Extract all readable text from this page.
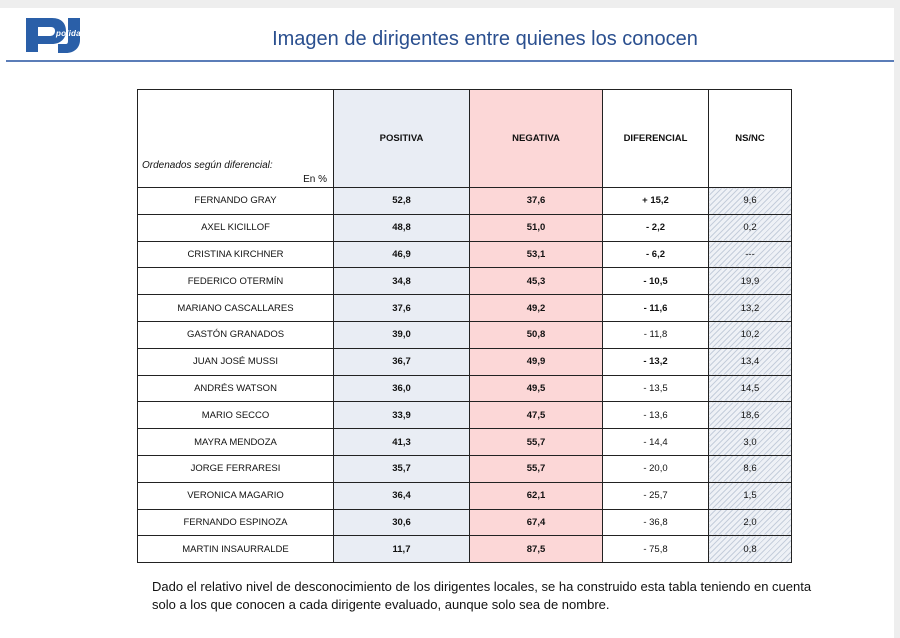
polidata	Imagen de dirigentes entre quienes los conocen
Ordenados según diferencial:
En %	POSITIVA	NEGATIVA	DIFERENCIAL	NS/NC
FERNANDO GRAY	52,8	37,6	+ 15,2	9,6
AXEL KICILLOF	48,8	51,0	- 2,2	0,2
CRISTINA KIRCHNER	46,9	53,1	- 6,2	---
FEDERICO OTERMÍN	34,8	45,3	- 10,5	19,9
MARIANO CASCALLARES	37,6	49,2	- 11,6	13,2
GASTÓN GRANADOS	39,0	50,8	- 11,8	10,2
JUAN JOSÉ MUSSI	36,7	49,9	- 13,2	13,4
ANDRÉS WATSON	36,0	49,5	- 13,5	14,5
MARIO SECCO	33,9	47,5	- 13,6	18,6
MAYRA MENDOZA	41,3	55,7	- 14,4	3,0
JORGE FERRARESI	35,7	55,7	- 20,0	8,6
VERONICA MAGARIO	36,4	62,1	- 25,7	1,5
FERNANDO ESPINOZA	30,6	67,4	- 36,8	2,0
MARTIN INSAURRALDE	11,7	87,5	- 75,8	0,8
Dado el relativo nivel de desconocimiento de los dirigentes locales, se ha construido esta tabla teniendo en cuenta solo a los que conocen a cada dirigente evaluado, aunque solo sea de nombre.
